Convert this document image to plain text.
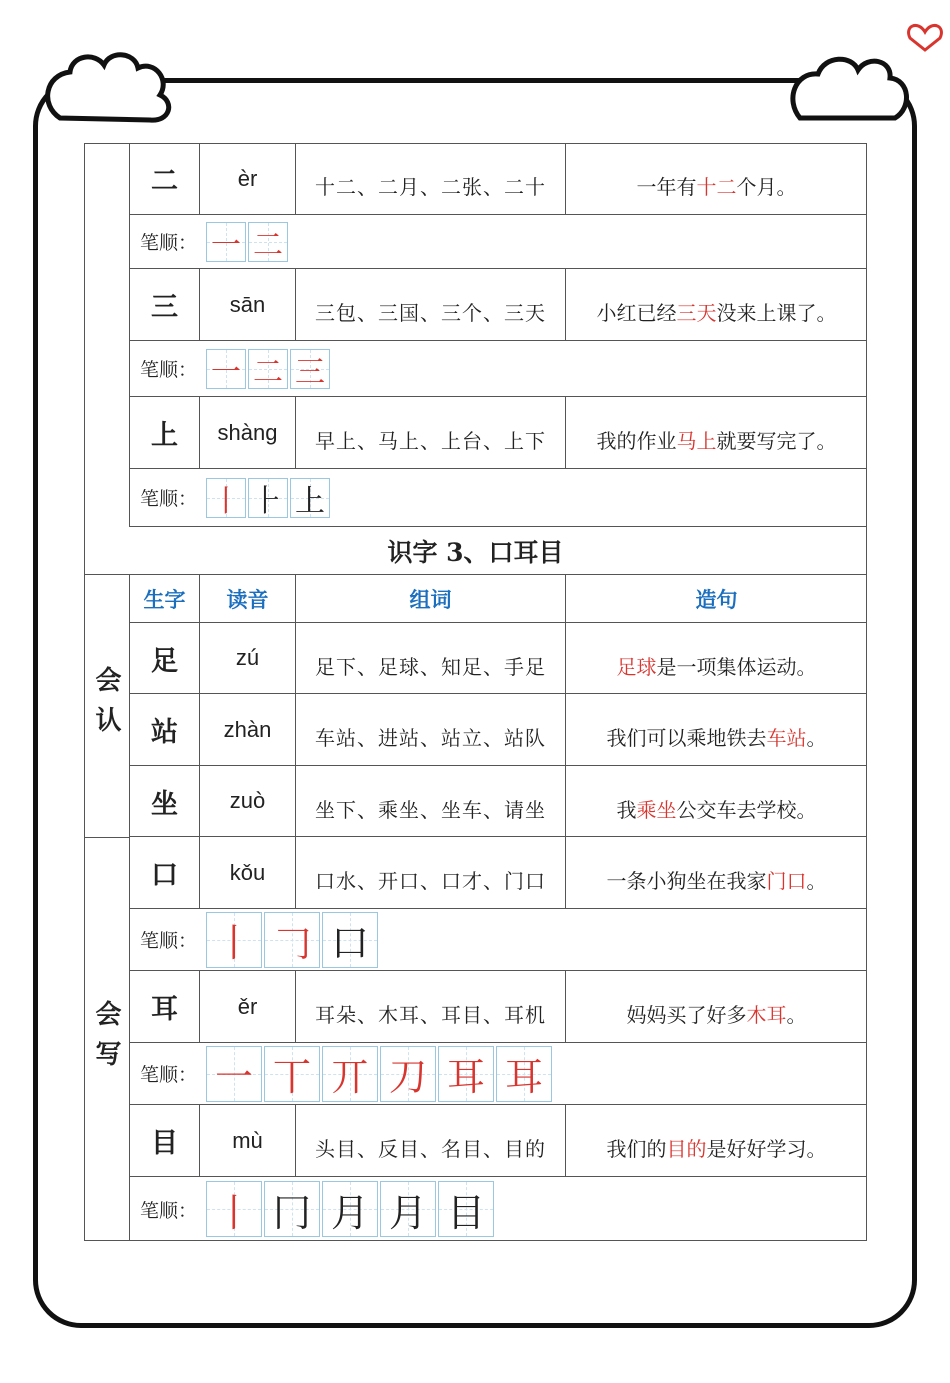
二	èr	十二、二月、二张、二十	一年有十二个月。
笔顺： 一 二
三 sān 三包、三国、三个、三天	小红已经三天没来上课了。
笔顺： 一 二 三
上 shàng 早上、马上、上台、上下	我的作业马上就要写完了。
笔顺： 丨 ⺊ 上
识字 3、口耳目
会认
生字 读音	组词	造句
足	zú	足下、足球、知足、手足	足球是一项集体运动。
站 zhàn 车站、进站、站立、站队	我们可以乘地铁去车站。
坐 zuò 坐下、乘坐、坐车、请坐	我乘坐公交车去学校。
会写
口 kǒu 口水、开口、口才、门口	一条小狗坐在我家门口。
笔顺： 丨 𠃌 口
耳	ěr	耳朵、木耳、耳目、耳机	妈妈买了好多木耳。
笔顺： 一 丅 丌 刀 耳 耳
目 mù	头目、反目、名目、目的	我们的目的是好好学习。
笔顺： 丨 冂 月 月 目
